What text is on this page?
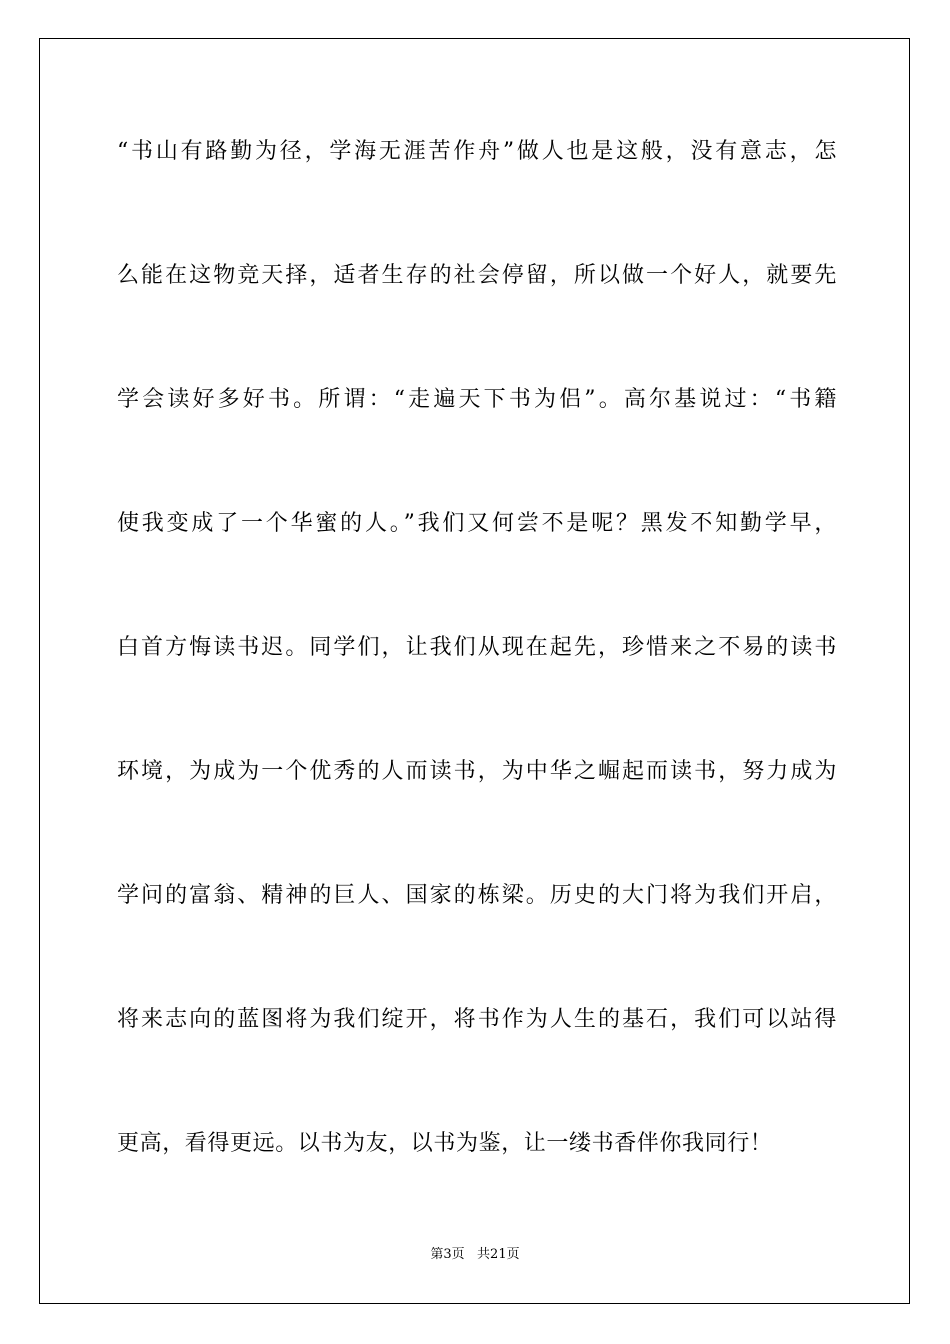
“书山有路勤为径，学海无涯苦作舟”做人也是这般，没有意志，怎
么能在这物竞天择，适者生存的社会停留，所以做一个好人，就要先
学会读好多好书。所谓：“走遍天下书为侣”。高尔基说过：“书籍
使我变成了一个华蜜的人。”我们又何尝不是呢？黑发不知勤学早，
白首方悔读书迟。同学们，让我们从现在起先，珍惜来之不易的读书
环境，为成为一个优秀的人而读书，为中华之崛起而读书，努力成为
学问的富翁、精神的巨人、国家的栋梁。历史的大门将为我们开启，
将来志向的蓝图将为我们绽开，将书作为人生的基石，我们可以站得
更高，看得更远。以书为友，以书为鉴，让一缕书香伴你我同行！
第3页   共21页
